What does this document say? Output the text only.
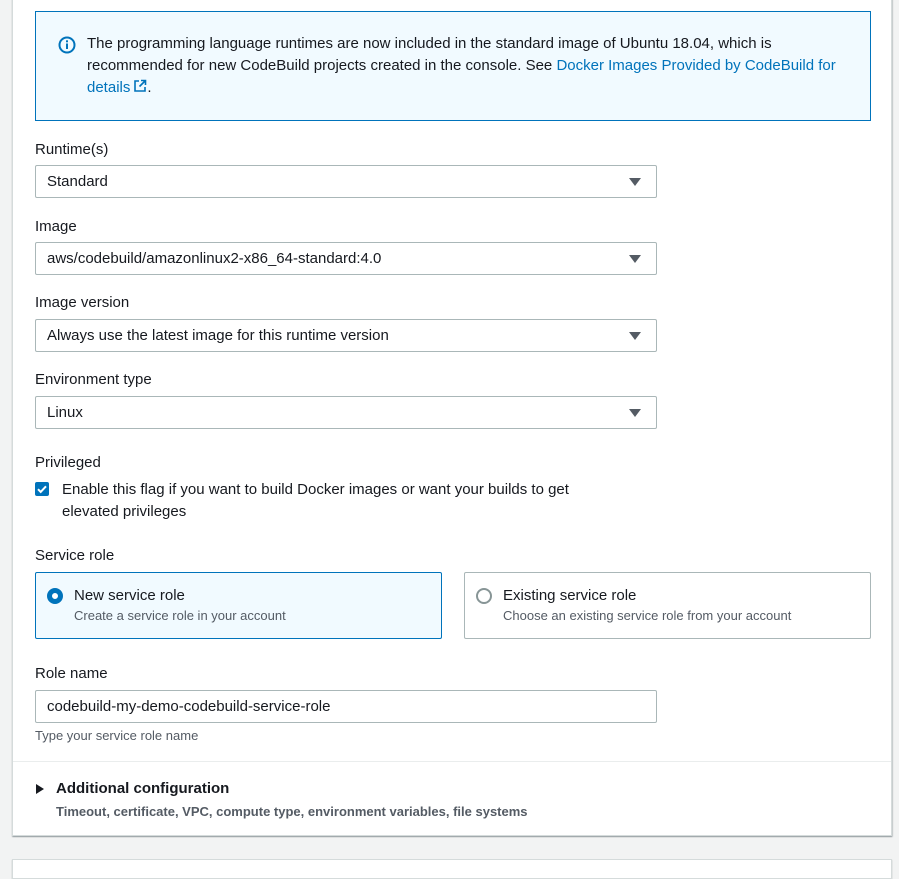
The programming language runtimes are now included in the standard image of Ubuntu 18.04, which is recommended for new CodeBuild projects created in the console. See Docker Images Provided by CodeBuild for details .
Runtime(s)
Standard
Image
aws/codebuild/amazonlinux2-x86_64-standard:4.0
Image version
Always use the latest image for this runtime version
Environment type
Linux
Privileged
Enable this flag if you want to build Docker images or want your builds to get elevated privileges
Service role
New service role
Create a service role in your account
Existing service role
Choose an existing service role from your account
Role name
codebuild-my-demo-codebuild-service-role
Type your service role name
Additional configuration
Timeout, certificate, VPC, compute type, environment variables, file systems
